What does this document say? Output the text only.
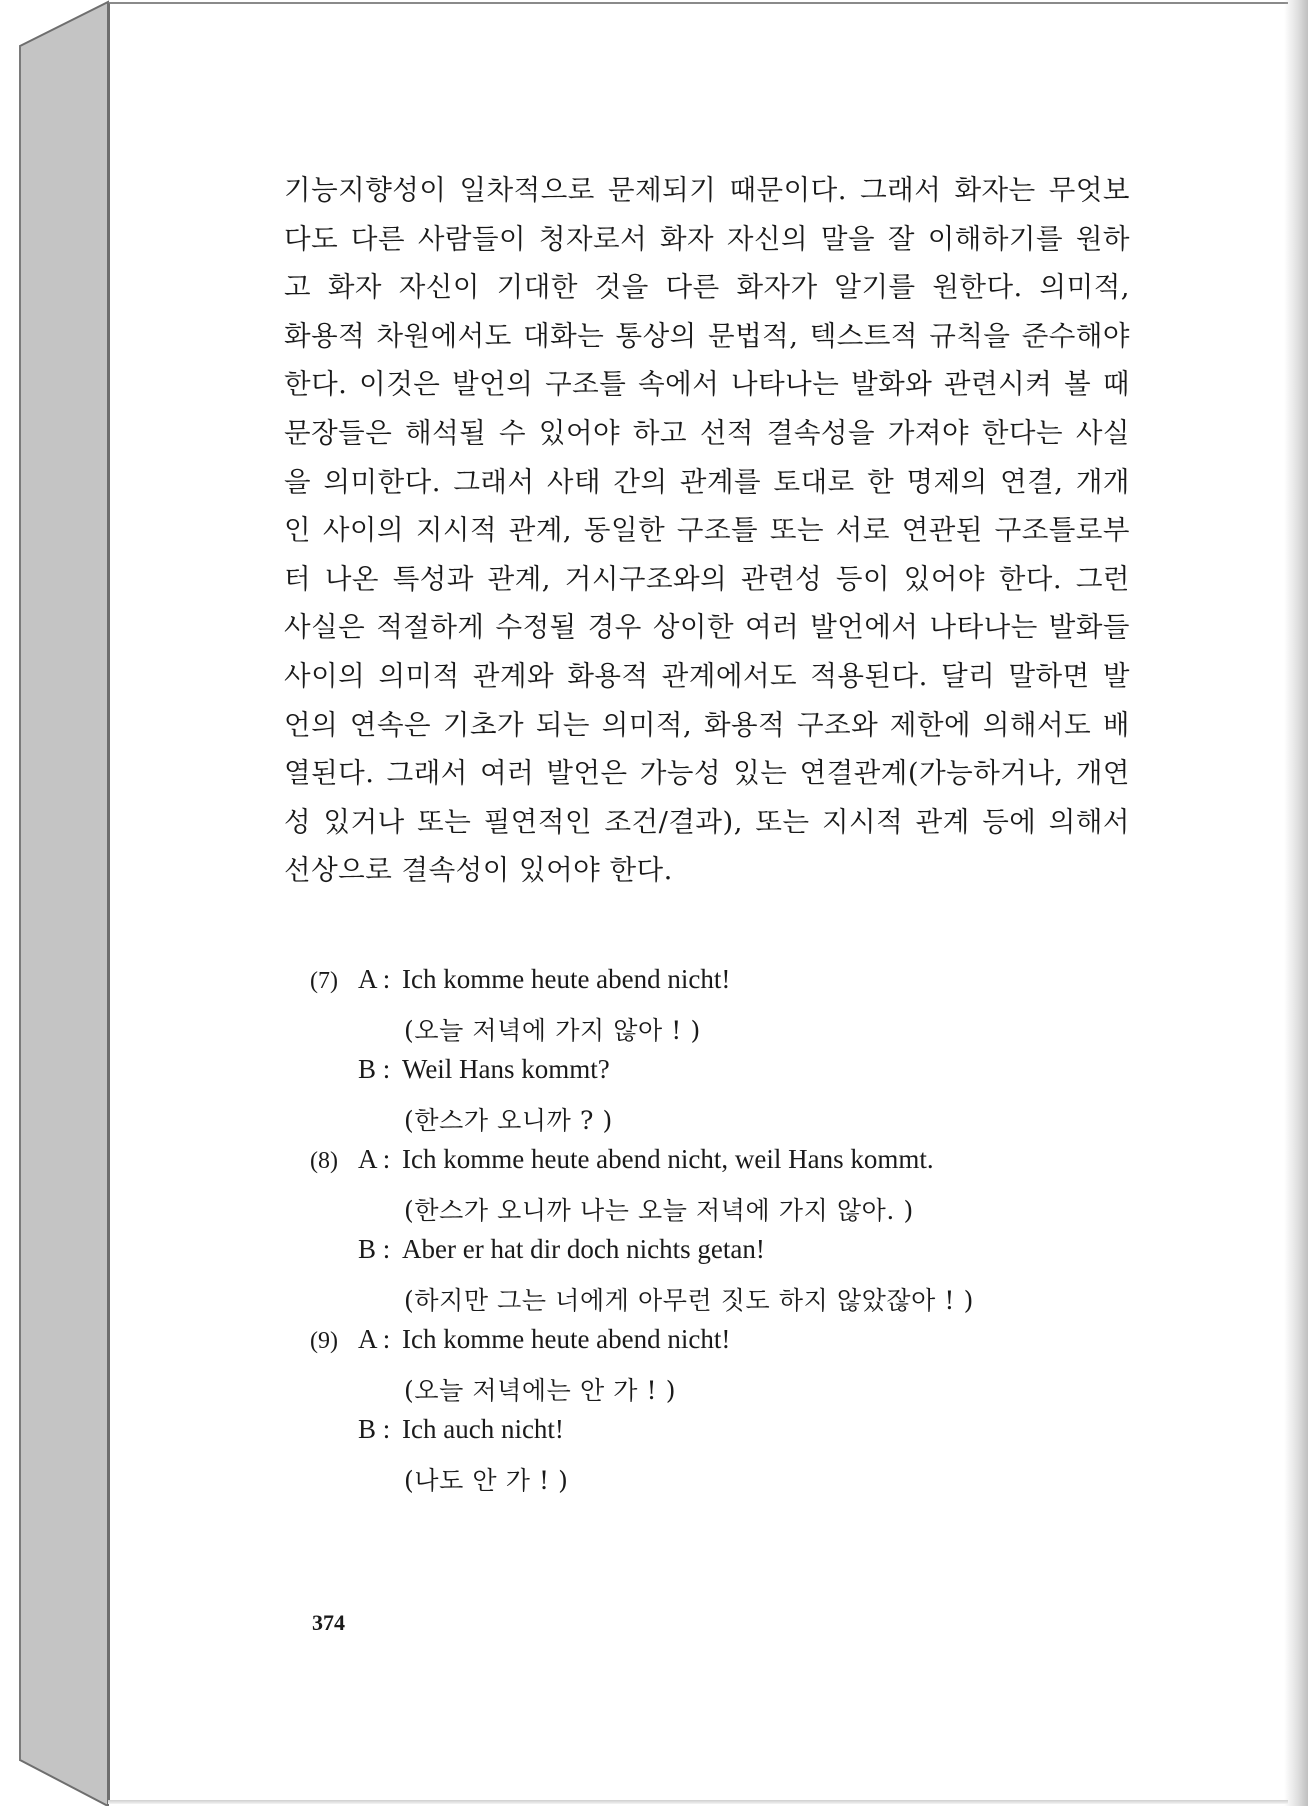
기능지향성이 일차적으로 문제되기 때문이다. 그래서 화자는 무엇보
다도 다른 사람들이 청자로서 화자 자신의 말을 잘 이해하기를 원하
고 화자 자신이 기대한 것을 다른 화자가 알기를 원한다. 의미적,
화용적 차원에서도 대화는 통상의 문법적, 텍스트적 규칙을 준수해야
한다. 이것은 발언의 구조틀 속에서 나타나는 발화와 관련시켜 볼 때
문장들은 해석될 수 있어야 하고 선적 결속성을 가져야 한다는 사실
을 의미한다. 그래서 사태 간의 관계를 토대로 한 명제의 연결, 개개
인 사이의 지시적 관계, 동일한 구조틀 또는 서로 연관된 구조틀로부
터 나온 특성과 관계, 거시구조와의 관련성 등이 있어야 한다. 그런
사실은 적절하게 수정될 경우 상이한 여러 발언에서 나타나는 발화들
사이의 의미적 관계와 화용적 관계에서도 적용된다. 달리 말하면 발
언의 연속은 기초가 되는 의미적, 화용적 구조와 제한에 의해서도 배
열된다. 그래서 여러 발언은 가능성 있는 연결관계(가능하거나, 개연
성 있거나 또는 필연적인 조건/결과), 또는 지시적 관계 등에 의해서
선상으로 결속성이 있어야 한다.
(7) A : Ich komme heute abend nicht!
(오늘 저녁에 가지 않아 ! )
B : Weil Hans kommt?
(한스가 오니까 ? )
(8) A : Ich komme heute abend nicht, weil Hans kommt.
(한스가 오니까 나는 오늘 저녁에 가지 않아. )
B : Aber er hat dir doch nichts getan!
(하지만 그는 너에게 아무런 짓도 하지 않았잖아 ! )
(9) A : Ich komme heute abend nicht!
(오늘 저녁에는 안 가 ! )
B : Ich auch nicht!
(나도 안 가 ! )
374
